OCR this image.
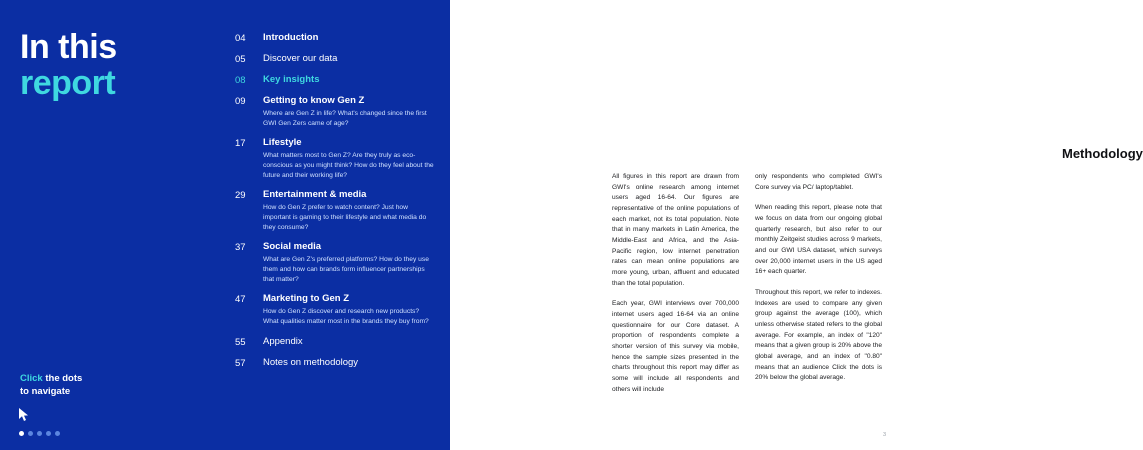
In this
report
04	Introduction
05	Discover our data
08	Key insights
09	Getting to know Gen Z
Where are Gen Z in life? What's changed since the first GWI Gen Zers came of age?
17	Lifestyle
What matters most to Gen Z? Are they truly as eco-conscious as you might think? How do they feel about the future and their working life?
29	Entertainment & media
How do Gen Z prefer to watch content? Just how important is gaming to their lifestyle and what media do they consume?
37	Social media
What are Gen Z's preferred platforms? How do they use them and how can brands form influencer partnerships that matter?
47	Marketing to Gen Z
How do Gen Z discover and research new products? What qualities matter most in the brands they buy from?
55	Appendix
57	Notes on methodology
Click the dots
to navigate
Methodology

All figures in this report are drawn from GWI's online research among internet users aged 16-64. Our figures are representative of the online populations of each market, not its total population. Note that in many markets in Latin America, the Middle-East and Africa, and the Asia-Pacific region, low internet penetration rates can mean online populations are more young, urban, affluent and educated than the total population.

Each year, GWI interviews over 700,000 internet users aged 16-64 via an online questionnaire for our Core dataset. A proportion of respondents complete a shorter version of this survey via mobile, hence the sample sizes presented in the charts throughout this report may differ as some will include all respondents and others will include

only respondents who completed GWI's Core survey via PC/ laptop/tablet.

When reading this report, please note that we focus on data from our ongoing global quarterly research, but also refer to our monthly Zeitgeist studies across 9 markets, and our GWI USA dataset, which surveys over 20,000 internet users in the US aged 16+ each quarter.

Throughout this report, we refer to indexes. Indexes are used to compare any given group against the average (100), which unless otherwise stated refers to the global average. For example, an index of "120" means that a given group is 20% above the global average, and an index of "0.80" means that an audience Click the dots is 20% below the global average.

3
